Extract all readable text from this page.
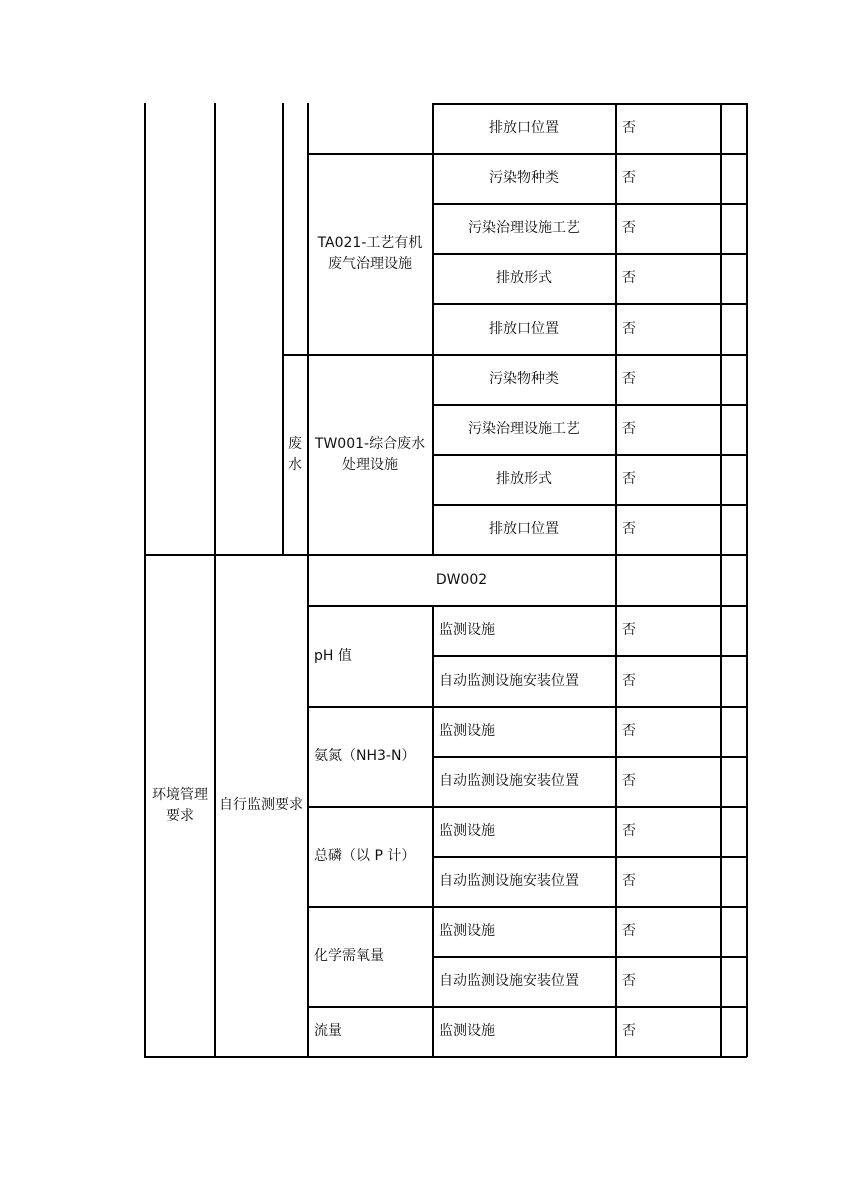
排放口位置	否
TA021-工艺有机废气治理设施
污染物种类	否
污染治理设施工艺	否
排放形式	否
排放口位置	否
废
水
TW001-综合废水处理设施
污染物种类	否
污染治理设施工艺	否
排放形式	否
排放口位置	否
环境管理要求
自行监测要求
DW002
pH 值
监测设施	否
自动监测设施安装位置	否
氨氮（NH3-N）
监测设施	否
自动监测设施安装位置	否
总磷（以 P 计）
监测设施	否
自动监测设施安装位置	否
化学需氧量
监测设施	否
自动监测设施安装位置	否
流量	监测设施	否
